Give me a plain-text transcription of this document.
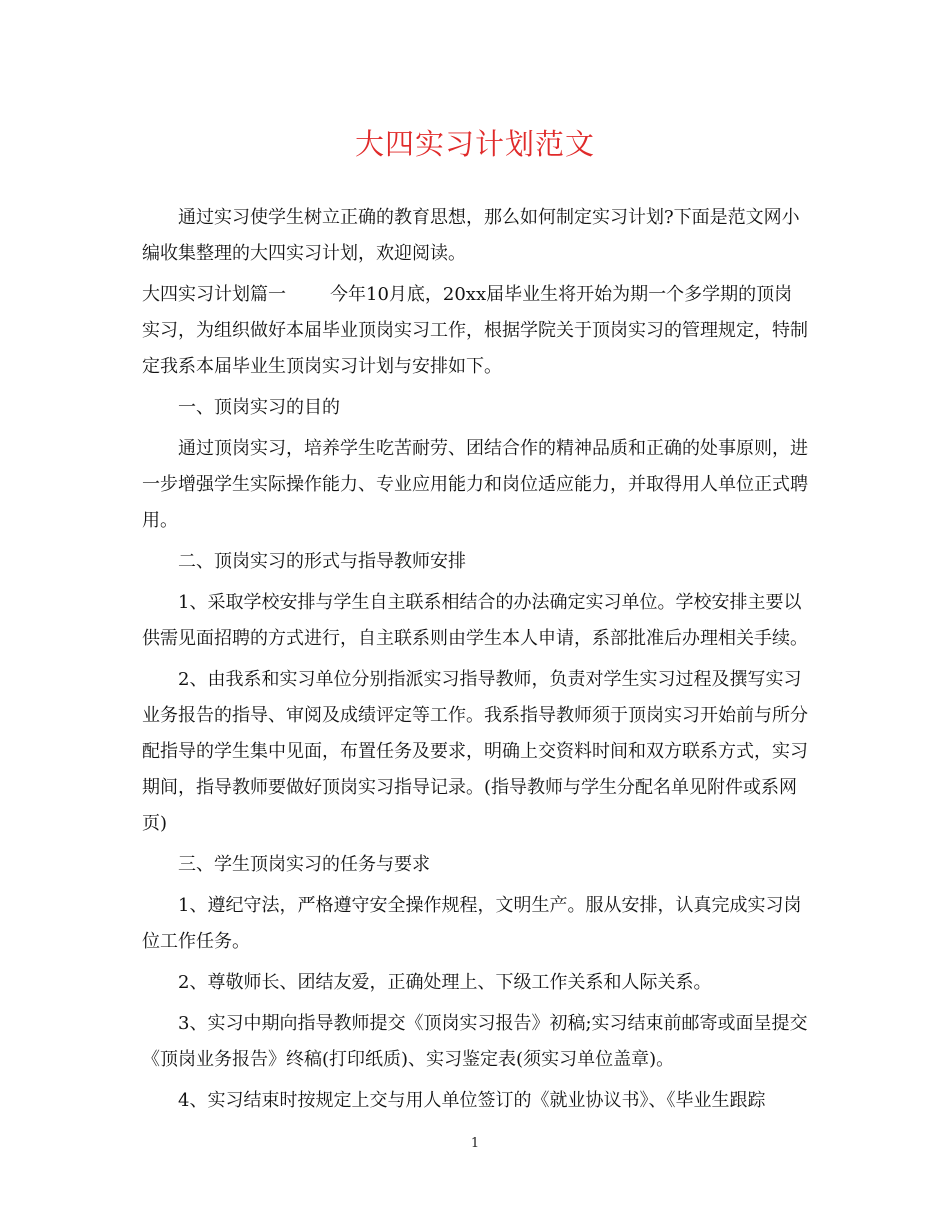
大四实习计划范文

通过实习使学生树立正确的教育思想，那么如何制定实习计划?下面是范文网小编收集整理的大四实习计划，欢迎阅读。

大四实习计划篇一 今年10月底，20xx届毕业生将开始为期一个多学期的顶岗实习，为组织做好本届毕业顶岗实习工作，根据学院关于顶岗实习的管理规定，特制定我系本届毕业生顶岗实习计划与安排如下。

一、顶岗实习的目的

通过顶岗实习，培养学生吃苦耐劳、团结合作的精神品质和正确的处事原则，进一步增强学生实际操作能力、专业应用能力和岗位适应能力，并取得用人单位正式聘用。

二、顶岗实习的形式与指导教师安排

1、采取学校安排与学生自主联系相结合的办法确定实习单位。学校安排主要以供需见面招聘的方式进行，自主联系则由学生本人申请，系部批准后办理相关手续。

2、由我系和实习单位分别指派实习指导教师，负责对学生实习过程及撰写实习业务报告的指导、审阅及成绩评定等工作。我系指导教师须于顶岗实习开始前与所分配指导的学生集中见面，布置任务及要求，明确上交资料时间和双方联系方式，实习期间，指导教师要做好顶岗实习指导记录。(指导教师与学生分配名单见附件或系网页)

三、学生顶岗实习的任务与要求

1、遵纪守法，严格遵守安全操作规程，文明生产。服从安排，认真完成实习岗位工作任务。

2、尊敬师长、团结友爱，正确处理上、下级工作关系和人际关系。

3、实习中期向指导教师提交《顶岗实习报告》初稿;实习结束前邮寄或面呈提交《顶岗业务报告》终稿(打印纸质)、实习鉴定表(须实习单位盖章)。

4、实习结束时按规定上交与用人单位签订的《就业协议书》、《毕业生跟踪

1
